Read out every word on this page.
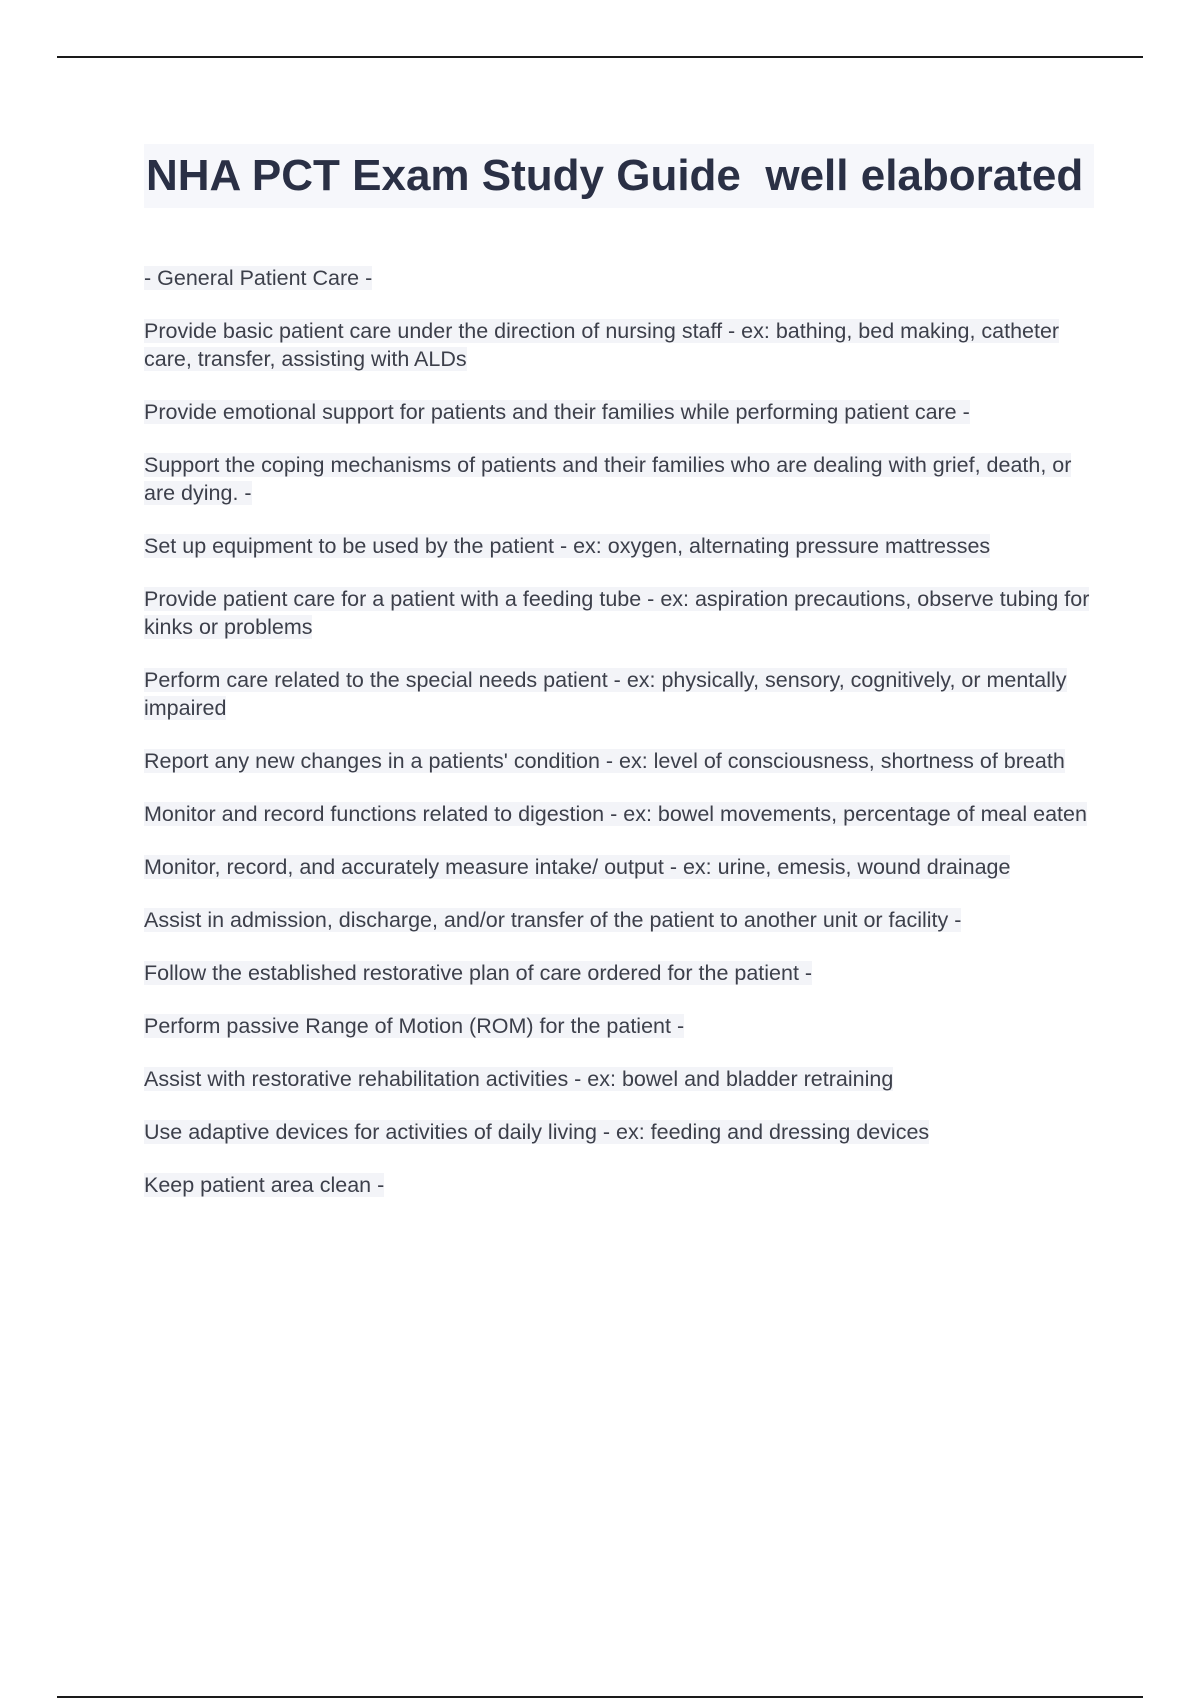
NHA PCT Exam Study Guide  well elaborated

- General Patient Care -

Provide basic patient care under the direction of nursing staff - ex: bathing, bed making, catheter care, transfer, assisting with ALDs

Provide emotional support for patients and their families while performing patient care -

Support the coping mechanisms of patients and their families who are dealing with grief, death, or are dying. -

Set up equipment to be used by the patient - ex: oxygen, alternating pressure mattresses

Provide patient care for a patient with a feeding tube - ex: aspiration precautions, observe tubing for kinks or problems

Perform care related to the special needs patient - ex: physically, sensory, cognitively, or mentally impaired

Report any new changes in a patients' condition - ex: level of consciousness, shortness of breath

Monitor and record functions related to digestion - ex: bowel movements, percentage of meal eaten

Monitor, record, and accurately measure intake/ output - ex: urine, emesis, wound drainage

Assist in admission, discharge, and/or transfer of the patient to another unit or facility -

Follow the established restorative plan of care ordered for the patient -

Perform passive Range of Motion (ROM) for the patient -

Assist with restorative rehabilitation activities - ex: bowel and bladder retraining

Use adaptive devices for activities of daily living - ex: feeding and dressing devices

Keep patient area clean -
